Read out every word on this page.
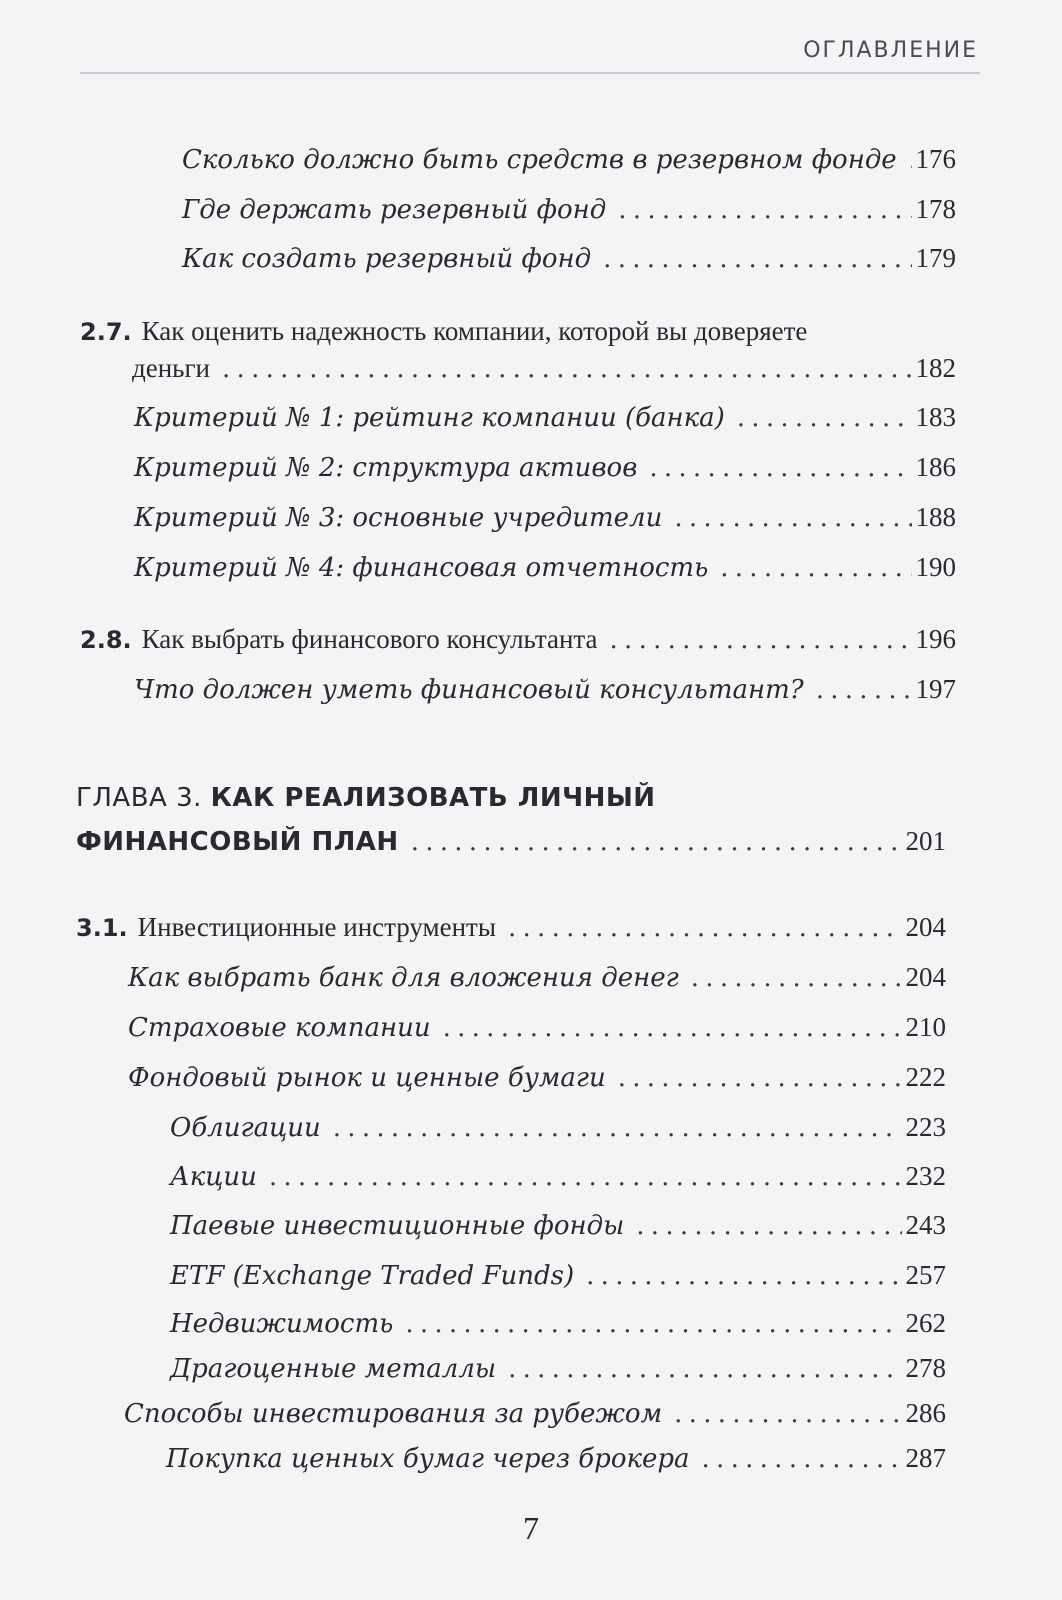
ОГЛАВЛЕНИЕ
Сколько должно быть средств в резервном фонде . . . 176
Где держать резервный фонд . . .	178
Как создать резервный фонд . . .	179
2.7. Как оценить надежность компании, которой вы доверяете
деньги . . .	182
Критерий № 1: рейтинг компании (банка) . . .	183
Критерий № 2: структура активов . . .	186
Критерий № 3: основные учредители . . .	188
Критерий № 4: финансовая отчетность . . .	190
2.8. Как выбрать финансового консультанта . . .	196
Что должен уметь финансовый консультант? . . .	197
ГЛАВА 3. КАК РЕАЛИЗОВАТЬ ЛИЧНЫЙ
ФИНАНСОВЫЙ ПЛАН . . .	201
3.1. Инвестиционные инструменты . . .	204
Как выбрать банк для вложения денег . . .	204
Страховые компании . . .	210
Фондовый рынок и ценные бумаги . . .	222
Облигации . . .	223
Акции . . .	232
Паевые инвестиционные фонды . . .	243
ETF (Exchange Traded Funds) . . .	257
Недвижимость . . .	262
Драгоценные металлы . . .	278
Способы инвестирования за рубежом . . .	286
Покупка ценных бумаг через брокера . . .	287
7
